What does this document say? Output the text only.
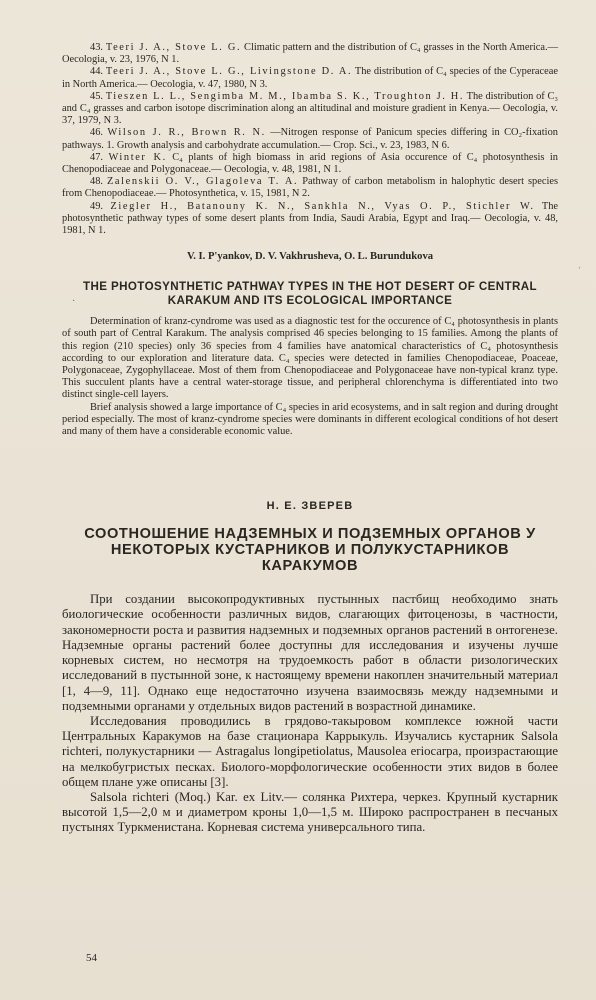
43. Teeri J. A., Stove L. G. Climatic pattern and the distribution of C₄ grasses in the North America.— Oecologia, v. 23, 1976, N 1.

44. Teeri J. A., Stove L. G., Livingstone D. A. The distribution of C₄ species of the Cyperaceae in North America.— Oecologia, v. 47, 1980, N 3.

45. Tieszen L. L., Sengimba M. M., Ibamba S. K., Troughton J. H. The distribution of C₃ and C₄ grasses and carbon isotope discrimination along an altitudinal and moisture gradient in Kenya.— Oecologia, v. 37, 1979, N 3.

46. Wilson J. R., Brown R. N. —Nitrogen response of Panicum species differing in CO₂-fixation pathways. 1. Growth analysis and carbohydrate accumulation.— Crop. Sci., v. 23, 1983, N 6.

47. Winter K. C₄ plants of high biomass in arid regions of Asia occurence of C₄ photosynthesis in Chenopodiaceae and Polygonaceae.— Oecologia, v. 48, 1981, N 1.

48. Zalenskii O. V., Glagoleva T. A. Pathway of carbon metabolism in halophytic desert species from Chenopodiaceae.— Photosynthetica, v. 15, 1981, N 2.

49. Ziegler H., Batanouny K. N., Sankhla N., Vyas O. P., Stichler W. The photosynthetic pathway types of some desert plants from India, Saudi Arabia, Egypt and Iraq.— Oecologia, v. 48, 1981, N 1.

V. I. P'yankov, D. V. Vakhrusheva, O. L. Burundukova
THE PHOTOSYNTHETIC PATHWAY TYPES IN THE HOT DESERT OF CENTRAL KARAKUM AND ITS ECOLOGICAL IMPORTANCE

Determination of kranz-cyndrome was used as a diagnostic test for the occurence of C₄ photosynthesis in plants of south part of Central Karakum. The analysis comprised 46 species belonging to 15 families. Among the plants of this region (210 species) only 36 species from 4 families have anatomical characteristics of C₄ photosynthesis according to our exploration and literature data. C₄ species were detected in families Chenopodiaceae, Poaceae, Polygonaceae, Zygophyllaceae. Most of them from Chenopodiaceae and Polygonaceae have non-typical kranz type. This succulent plants have a central water-storage tissue, and peripheral chlorenchyma is differentiated into two distinct single-cell layers.

Brief analysis showed a large importance of C₄ species in arid ecosystems, and in salt region and during drought period especially. The most of kranz-cyndrome species were dominants in different ecological conditions of hot desert and many of them have a considerable economic value.

Н. Е. ЗВЕРЕВ
СООТНОШЕНИЕ НАДЗЕМНЫХ И ПОДЗЕМНЫХ ОРГАНОВ У НЕКОТОРЫХ КУСТАРНИКОВ И ПОЛУКУСТАРНИКОВ КАРАКУМОВ

При создании высокопродуктивных пустынных пастбищ необходимо знать биологические особенности различных видов, слагающих фитоценозы, в частности, закономерности роста и развития надземных и подземных органов растений в онтогенезе. Надземные органы растений более доступны для исследования и изучены лучше корневых систем, но несмотря на трудоемкость работ в области ризологических исследований в пустынной зоне, к настоящему времени накоплен значительный материал [1, 4—9, 11]. Однако еще недостаточно изучена взаимосвязь между надземными и подземными органами у отдельных видов растений в возрастной динамике.

Исследования проводились в грядово-такыровом комплексе южной части Центральных Каракумов на базе стационара Каррыкуль. Изучались кустарник Salsola richteri, полукустарники — Astragalus longipetiolatus, Mausolea eriocarpa, произрастающие на мелкобугристых песках. Биолого-морфологические особенности этих видов в более общем плане уже описаны [3].

Salsola richteri (Moq.) Kar. ex Litv.— солянка Рихтера, черкез. Крупный кустарник высотой 1,5—2,0 м и диаметром кроны 1,0—1,5 м. Широко распространен в песчаных пустынях Туркменистана. Корневая система универсального типа.

54
·
ˈ
